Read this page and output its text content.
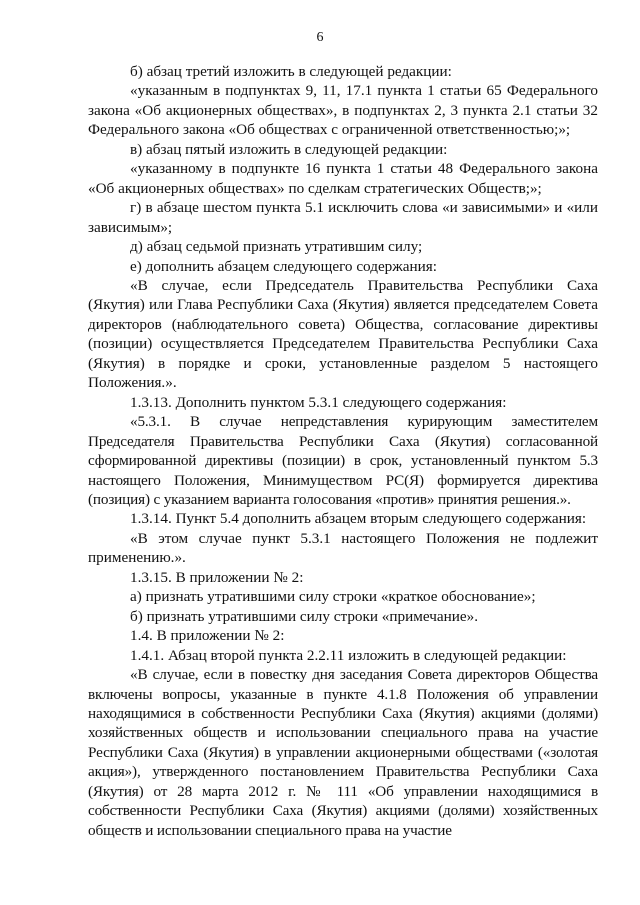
6

б) абзац третий изложить в следующей редакции:

«указанным в подпунктах 9, 11, 17.1 пункта 1 статьи 65 Федерального закона «Об акционерных обществах», в подпунктах 2, 3 пункта 2.1 статьи 32 Федерального закона «Об обществах с ограниченной ответственностью;»;

в) абзац пятый изложить в следующей редакции:

«указанному в подпункте 16 пункта 1 статьи 48 Федерального закона «Об акционерных обществах» по сделкам стратегических Обществ;»;

г) в абзаце шестом пункта 5.1 исключить слова «и зависимыми» и «или зависимым»;

д) абзац седьмой признать утратившим силу;

е) дополнить абзацем следующего содержания:

«В случае, если Председатель Правительства Республики Саха (Якутия) или Глава Республики Саха (Якутия) является председателем Совета директоров (наблюдательного совета) Общества, согласование директивы (позиции) осуществляется Председателем Правительства Республики Саха (Якутия) в порядке и сроки, установленные разделом 5 настоящего Положения.».

1.3.13. Дополнить пунктом 5.3.1 следующего содержания:

«5.3.1. В случае непредставления курирующим заместителем Председателя Правительства Республики Саха (Якутия) согласованной сформированной директивы (позиции) в срок, установленный пунктом 5.3 настоящего Положения, Минимуществом РС(Я) формируется директива (позиция) с указанием варианта голосования «против» принятия решения.».

1.3.14. Пункт 5.4 дополнить абзацем вторым следующего содержания:

«В этом случае пункт 5.3.1 настоящего Положения не подлежит применению.».

1.3.15. В приложении № 2:

а) признать утратившими силу строки «краткое обоснование»;

б) признать утратившими силу строки «примечание».

1.4. В приложении № 2:

1.4.1. Абзац второй пункта 2.2.11 изложить в следующей редакции:

«В случае, если в повестку дня заседания Совета директоров Общества включены вопросы, указанные в пункте 4.1.8 Положения об управлении находящимися в собственности Республики Саха (Якутия) акциями (долями) хозяйственных обществ и использовании специального права на участие Республики Саха (Якутия) в управлении акционерными обществами («золотая акция»), утвержденного постановлением Правительства Республики Саха (Якутия) от 28 марта 2012 г. № 111 «Об управлении находящимися в собственности Республики Саха (Якутия) акциями (долями) хозяйственных обществ и использовании специального права на участие
